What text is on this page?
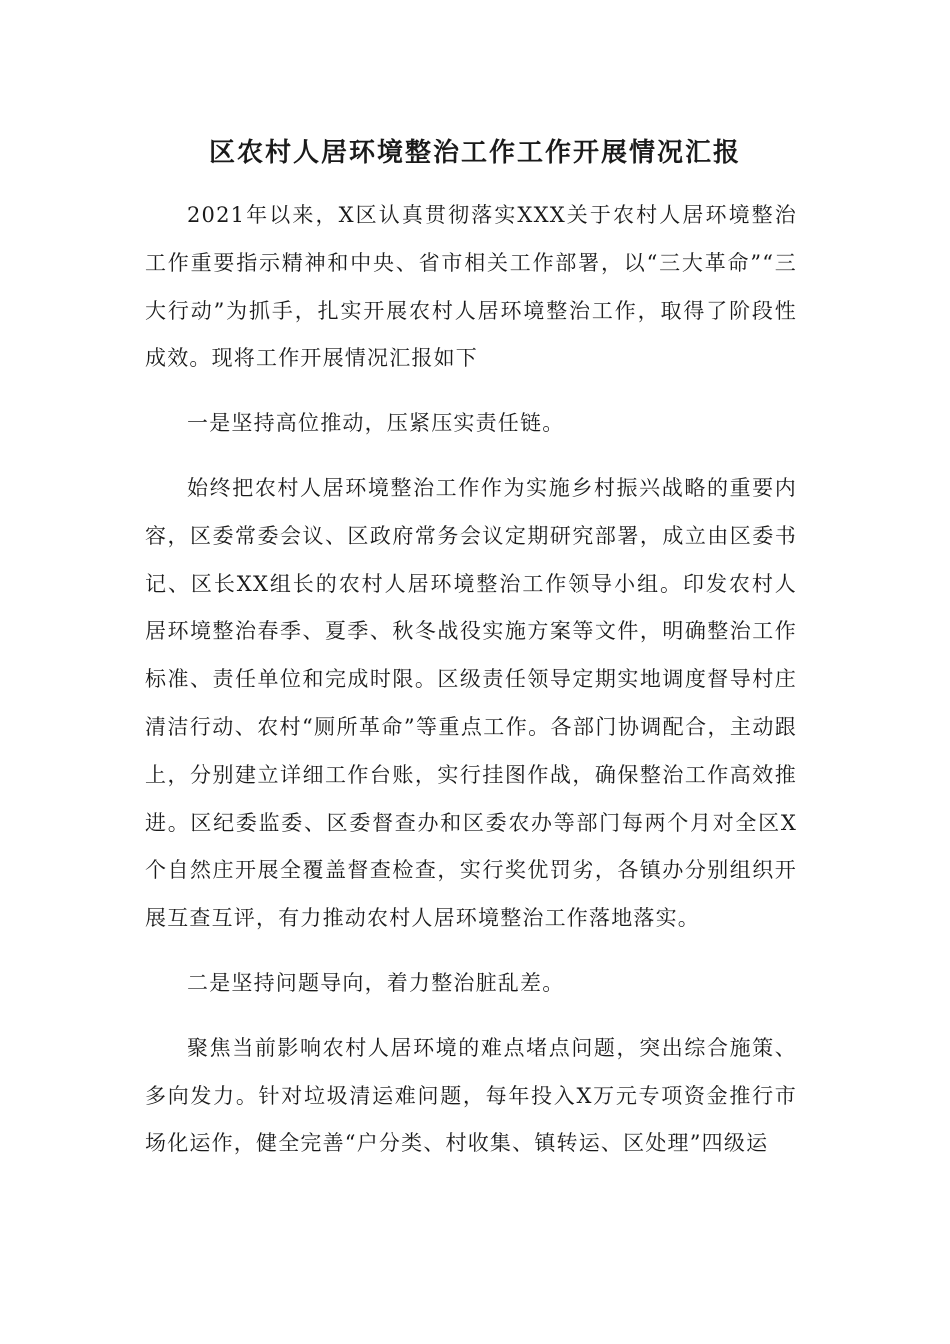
区农村人居环境整治工作工作开展情况汇报

2021年以来，X区认真贯彻落实XXX关于农村人居环境整治工作重要指示精神和中央、省市相关工作部署，以“三大革命”“三大行动”为抓手，扎实开展农村人居环境整治工作，取得了阶段性成效。现将工作开展情况汇报如下

一是坚持高位推动，压紧压实责任链。

始终把农村人居环境整治工作作为实施乡村振兴战略的重要内容，区委常委会议、区政府常务会议定期研究部署，成立由区委书记、区长XX组长的农村人居环境整治工作领导小组。印发农村人居环境整治春季、夏季、秋冬战役实施方案等文件，明确整治工作标准、责任单位和完成时限。区级责任领导定期实地调度督导村庄清洁行动、农村“厕所革命”等重点工作。各部门协调配合，主动跟上，分别建立详细工作台账，实行挂图作战，确保整治工作高效推进。区纪委监委、区委督查办和区委农办等部门每两个月对全区X个自然庄开展全覆盖督查检查，实行奖优罚劣，各镇办分别组织开展互查互评，有力推动农村人居环境整治工作落地落实。

二是坚持问题导向，着力整治脏乱差。

聚焦当前影响农村人居环境的难点堵点问题，突出综合施策、多向发力。针对垃圾清运难问题，每年投入X万元专项资金推行市场化运作，健全完善“户分类、村收集、镇转运、区处理”四级运
